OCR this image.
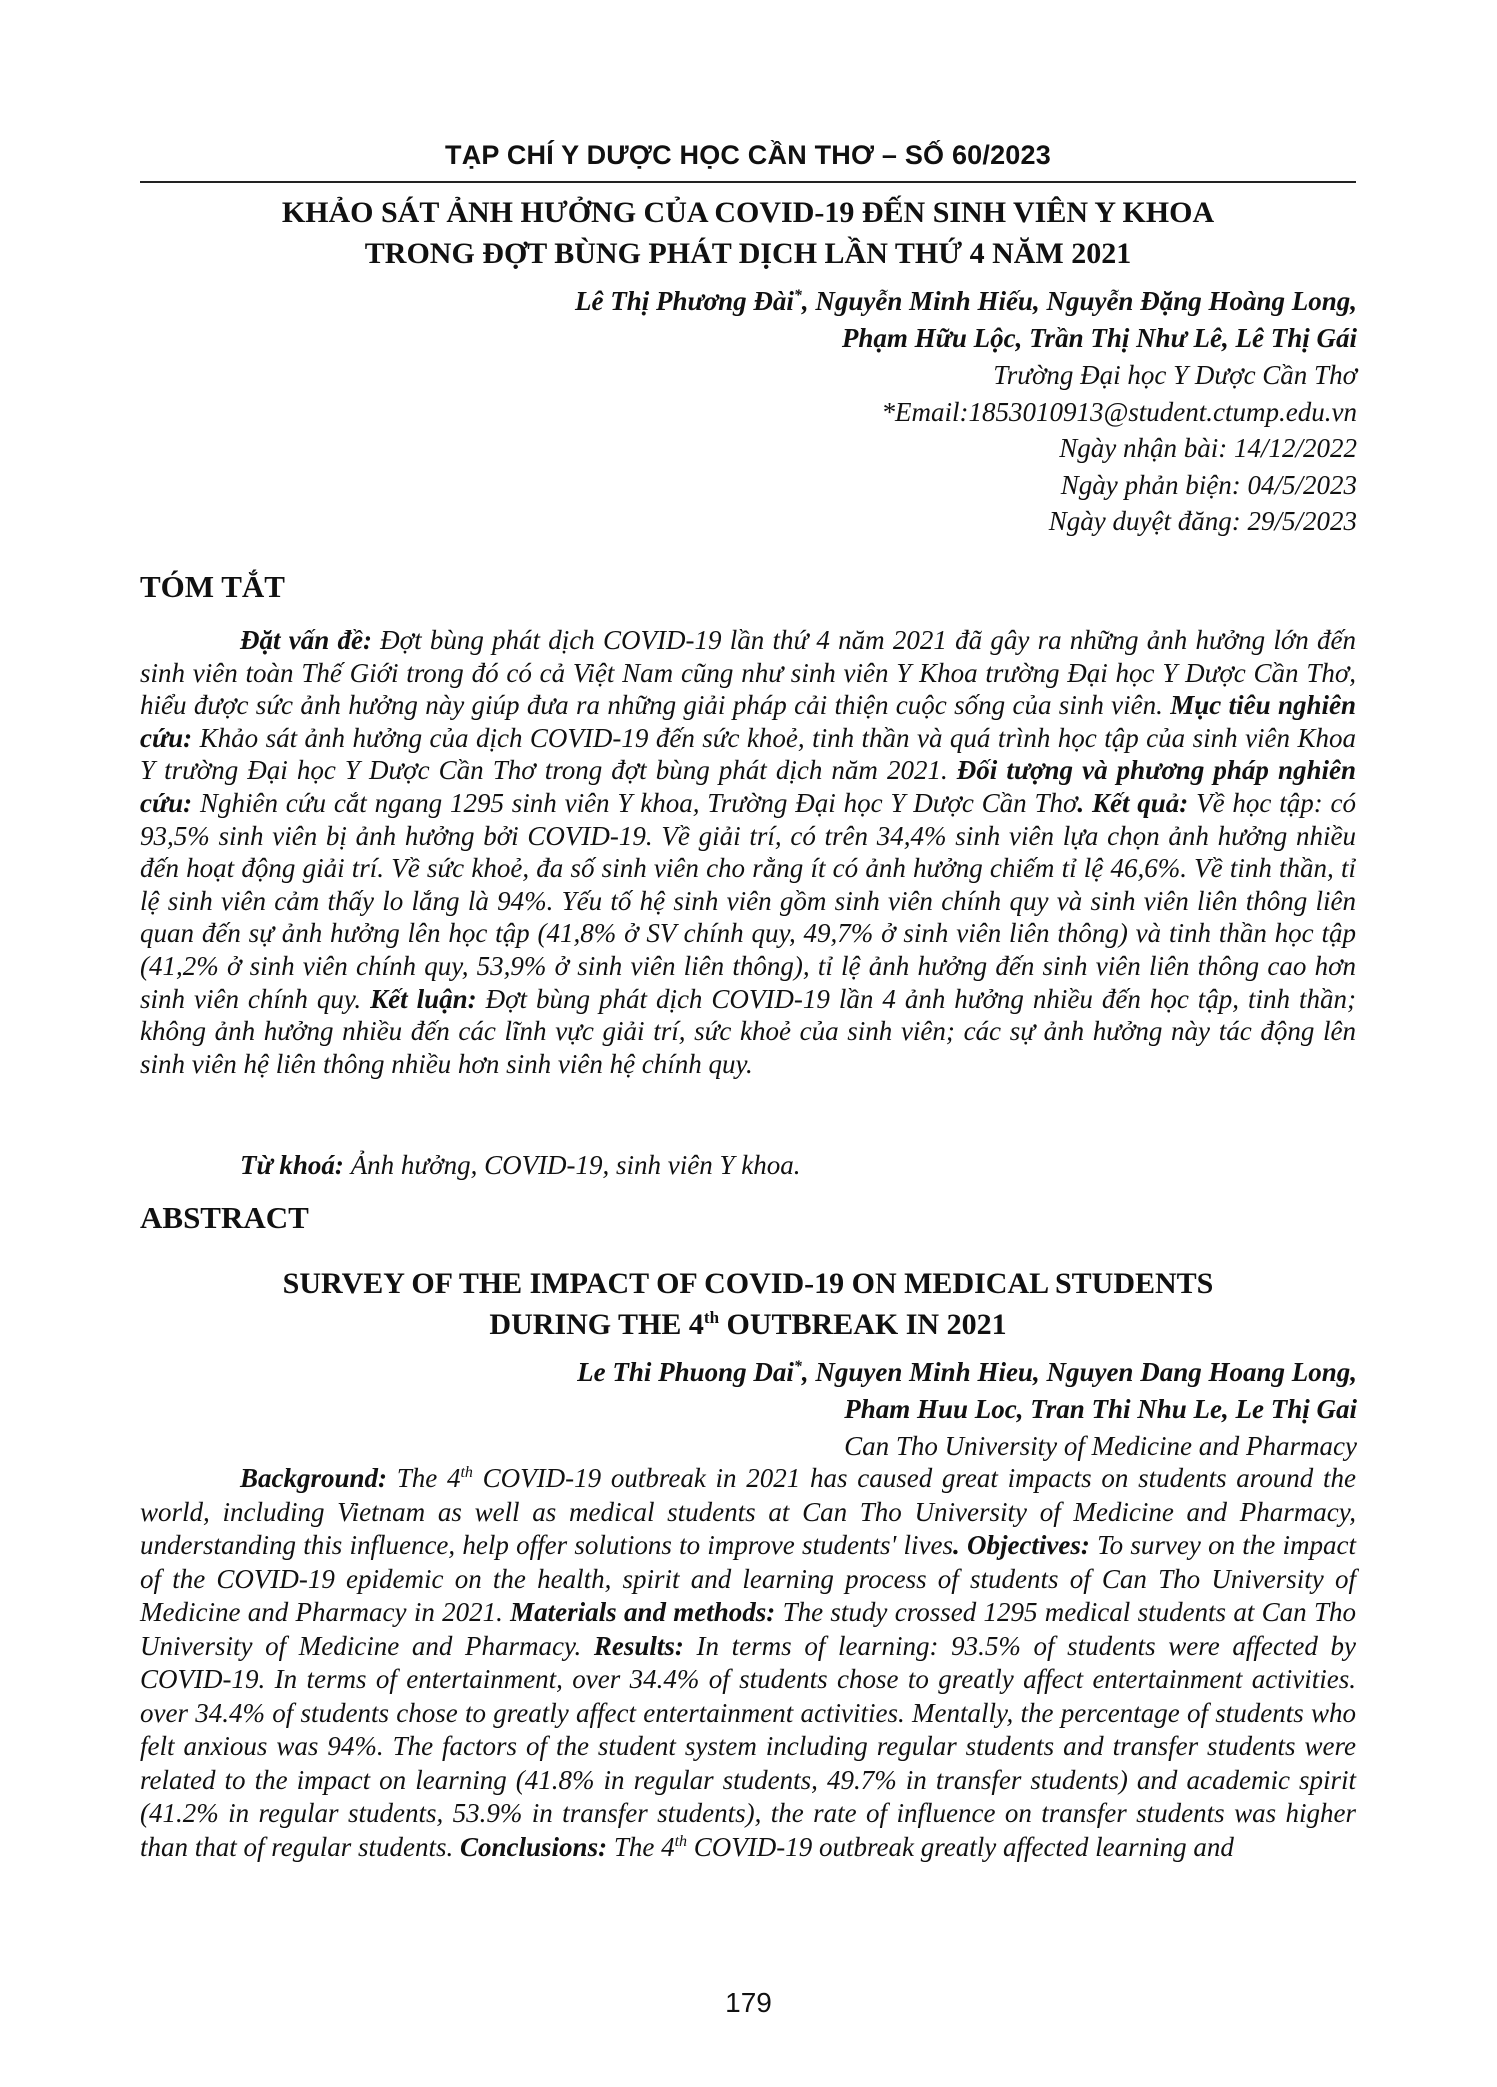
TẠP CHÍ Y DƯỢC HỌC CẦN THƠ – SỐ 60/2023
KHẢO SÁT ẢNH HƯỞNG CỦA COVID-19 ĐẾN SINH VIÊN Y KHOA
TRONG ĐỢT BÙNG PHÁT DỊCH LẦN THỨ 4 NĂM 2021
Lê Thị Phương Đài*, Nguyễn Minh Hiếu, Nguyễn Đặng Hoàng Long,
Phạm Hữu Lộc, Trần Thị Như Lê, Lê Thị Gái
Trường Đại học Y Dược Cần Thơ
*Email:1853010913@student.ctump.edu.vn
Ngày nhận bài: 14/12/2022
Ngày phản biện: 04/5/2023
Ngày duyệt đăng: 29/5/2023
TÓM TẮT
Đặt vấn đề: Đợt bùng phát dịch COVID-19 lần thứ 4 năm 2021 đã gây ra những ảnh hưởng lớn đến sinh viên toàn Thế Giới trong đó có cả Việt Nam cũng như sinh viên Y Khoa trường Đại học Y Dược Cần Thơ, hiểu được sức ảnh hưởng này giúp đưa ra những giải pháp cải thiện cuộc sống của sinh viên. Mục tiêu nghiên cứu: Khảo sát ảnh hưởng của dịch COVID-19 đến sức khoẻ, tinh thần và quá trình học tập của sinh viên Khoa Y trường Đại học Y Dược Cần Thơ trong đợt bùng phát dịch năm 2021. Đối tượng và phương pháp nghiên cứu: Nghiên cứu cắt ngang 1295 sinh viên Y khoa, Trường Đại học Y Dược Cần Thơ. Kết quả: Về học tập: có 93,5% sinh viên bị ảnh hưởng bởi COVID-19. Về giải trí, có trên 34,4% sinh viên lựa chọn ảnh hưởng nhiều đến hoạt động giải trí. Về sức khoẻ, đa số sinh viên cho rằng ít có ảnh hưởng chiếm tỉ lệ 46,6%. Về tinh thần, tỉ lệ sinh viên cảm thấy lo lắng là 94%. Yếu tố hệ sinh viên gồm sinh viên chính quy và sinh viên liên thông liên quan đến sự ảnh hưởng lên học tập (41,8% ở SV chính quy, 49,7% ở sinh viên liên thông) và tinh thần học tập (41,2% ở sinh viên chính quy, 53,9% ở sinh viên liên thông), tỉ lệ ảnh hưởng đến sinh viên liên thông cao hơn sinh viên chính quy. Kết luận: Đợt bùng phát dịch COVID-19 lần 4 ảnh hưởng nhiều đến học tập, tinh thần; không ảnh hưởng nhiều đến các lĩnh vực giải trí, sức khoẻ của sinh viên; các sự ảnh hưởng này tác động lên sinh viên hệ liên thông nhiều hơn sinh viên hệ chính quy.
Từ khoá: Ảnh hưởng, COVID-19, sinh viên Y khoa.
ABSTRACT
SURVEY OF THE IMPACT OF COVID-19 ON MEDICAL STUDENTS
DURING THE 4th OUTBREAK IN 2021
Le Thi Phuong Dai*, Nguyen Minh Hieu, Nguyen Dang Hoang Long,
Pham Huu Loc, Tran Thi Nhu Le, Le Thị Gai
Can Tho University of Medicine and Pharmacy
Background: The 4th COVID-19 outbreak in 2021 has caused great impacts on students around the world, including Vietnam as well as medical students at Can Tho University of Medicine and Pharmacy, understanding this influence, help offer solutions to improve students' lives. Objectives: To survey on the impact of the COVID-19 epidemic on the health, spirit and learning process of students of Can Tho University of Medicine and Pharmacy in 2021. Materials and methods: The study crossed 1295 medical students at Can Tho University of Medicine and Pharmacy. Results: In terms of learning: 93.5% of students were affected by COVID-19. In terms of entertainment, over 34.4% of students chose to greatly affect entertainment activities. over 34.4% of students chose to greatly affect entertainment activities. Mentally, the percentage of students who felt anxious was 94%. The factors of the student system including regular students and transfer students were related to the impact on learning (41.8% in regular students, 49.7% in transfer students) and academic spirit (41.2% in regular students, 53.9% in transfer students), the rate of influence on transfer students was higher than that of regular students. Conclusions: The 4th COVID-19 outbreak greatly affected learning and
179
